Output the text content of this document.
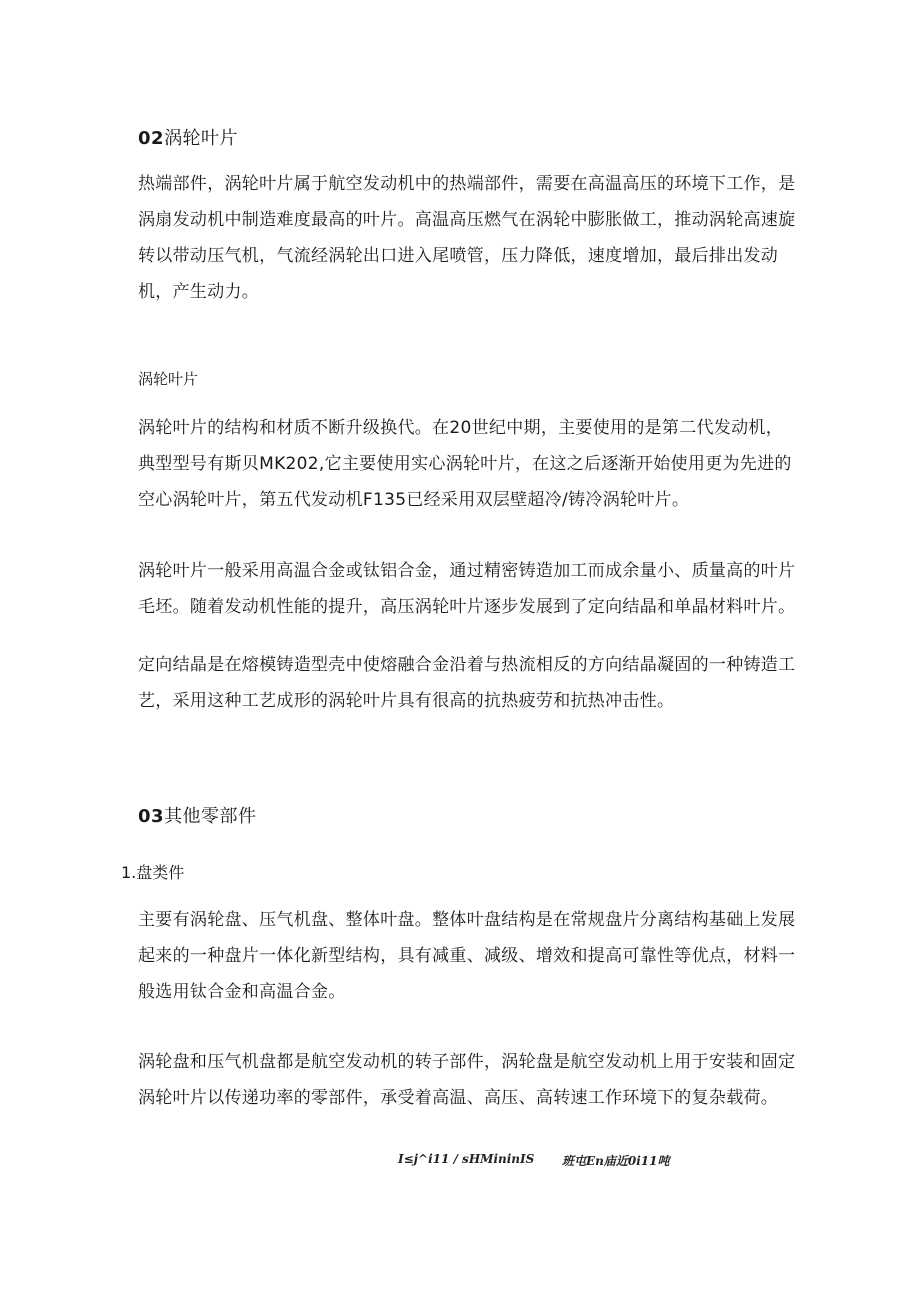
02涡轮叶片

热端部件，涡轮叶片属于航空发动机中的热端部件，需要在高温高压的环境下工作，是涡扇发动机中制造难度最高的叶片。高温高压燃气在涡轮中膨胀做工，推动涡轮高速旋转以带动压气机，气流经涡轮出口进入尾喷管，压力降低，速度增加，最后排出发动机，产生动力。

涡轮叶片

涡轮叶片的结构和材质不断升级换代。在20世纪中期，主要使用的是第二代发动机，典型型号有斯贝MK202,它主要使用实心涡轮叶片，在这之后逐渐开始使用更为先进的空心涡轮叶片，第五代发动机F135已经采用双层壁超冷/铸冷涡轮叶片。

涡轮叶片一般采用高温合金或钛铝合金，通过精密铸造加工而成余量小、质量高的叶片毛坯。随着发动机性能的提升，高压涡轮叶片逐步发展到了定向结晶和单晶材料叶片。

定向结晶是在熔模铸造型壳中使熔融合金沿着与热流相反的方向结晶凝固的一种铸造工艺，采用这种工艺成形的涡轮叶片具有很高的抗热疲劳和抗热冲击性。

03其他零部件
1.盘类件

主要有涡轮盘、压气机盘、整体叶盘。整体叶盘结构是在常规盘片分离结构基础上发展起来的一种盘片一体化新型结构，具有减重、减级、增效和提高可靠性等优点，材料一般选用钛合金和高温合金。

涡轮盘和压气机盘都是航空发动机的转子部件，涡轮盘是航空发动机上用于安装和固定涡轮叶片以传递功率的零部件，承受着高温、高压、高转速工作环境下的复杂载荷。

I≤j^i11 / sHMininIS 班屯En庙近0i11吨
